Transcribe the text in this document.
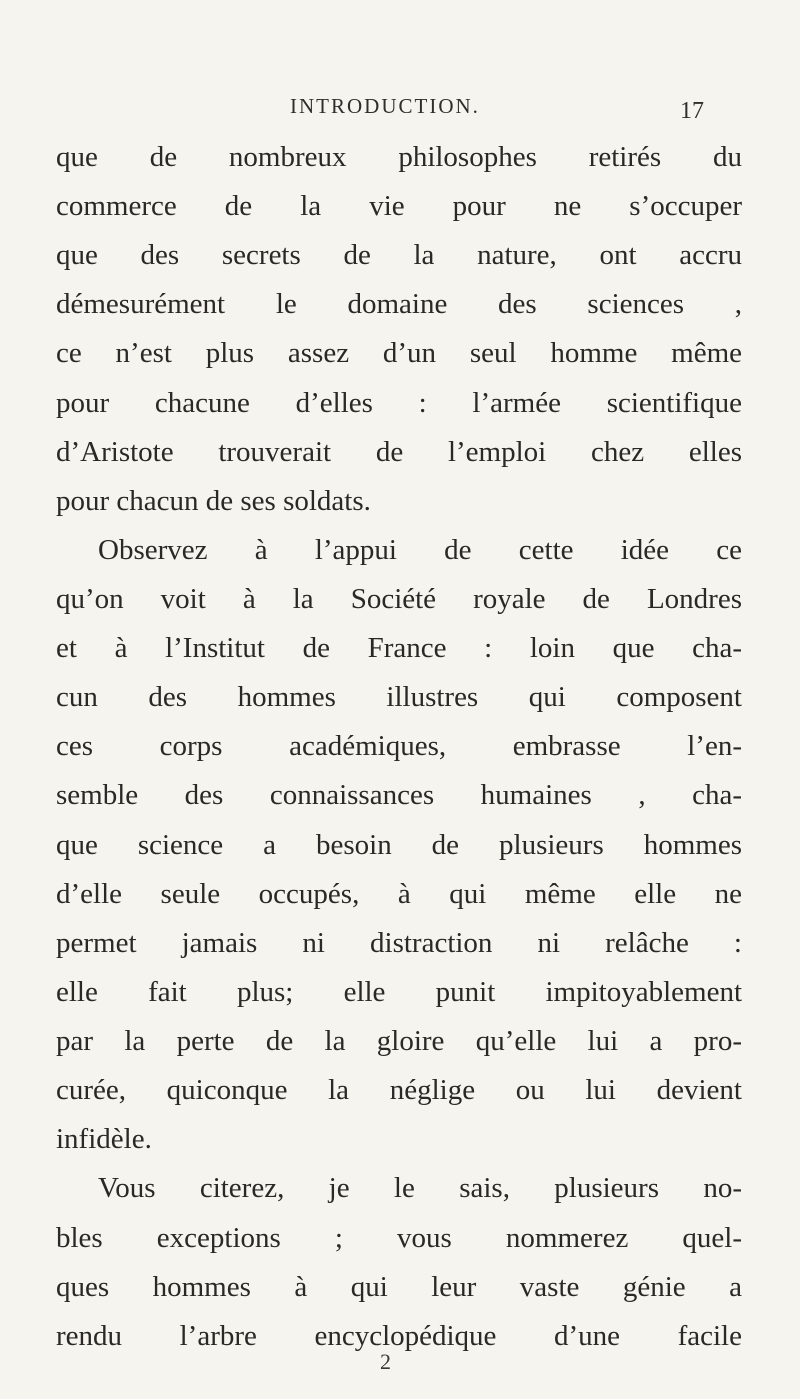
INTRODUCTION.	17
que de nombreux philosophes retirés du
commerce de la vie pour ne s’occuper
que des secrets de la nature, ont accru
démesurément le domaine des sciences ,
ce n’est plus assez d’un seul homme même
pour chacune d’elles : l’armée scientifique
d’Aristote trouverait de l’emploi chez elles
pour chacun de ses soldats.
Observez à l’appui de cette idée ce
qu’on voit à la Société royale de Londres
et à l’Institut de France : loin que cha-
cun des hommes illustres qui composent
ces corps académiques, embrasse l’en-
semble des connaissances humaines , cha-
que science a besoin de plusieurs hommes
d’elle seule occupés, à qui même elle ne
permet jamais ni distraction ni relâche :
elle fait plus; elle punit impitoyablement
par la perte de la gloire qu’elle lui a pro-
curée, quiconque la néglige ou lui devient
infidèle.
Vous citerez, je le sais, plusieurs no-
bles exceptions ; vous nommerez quel-
ques hommes à qui leur vaste génie a
rendu l’arbre encyclopédique d’une facile
2
